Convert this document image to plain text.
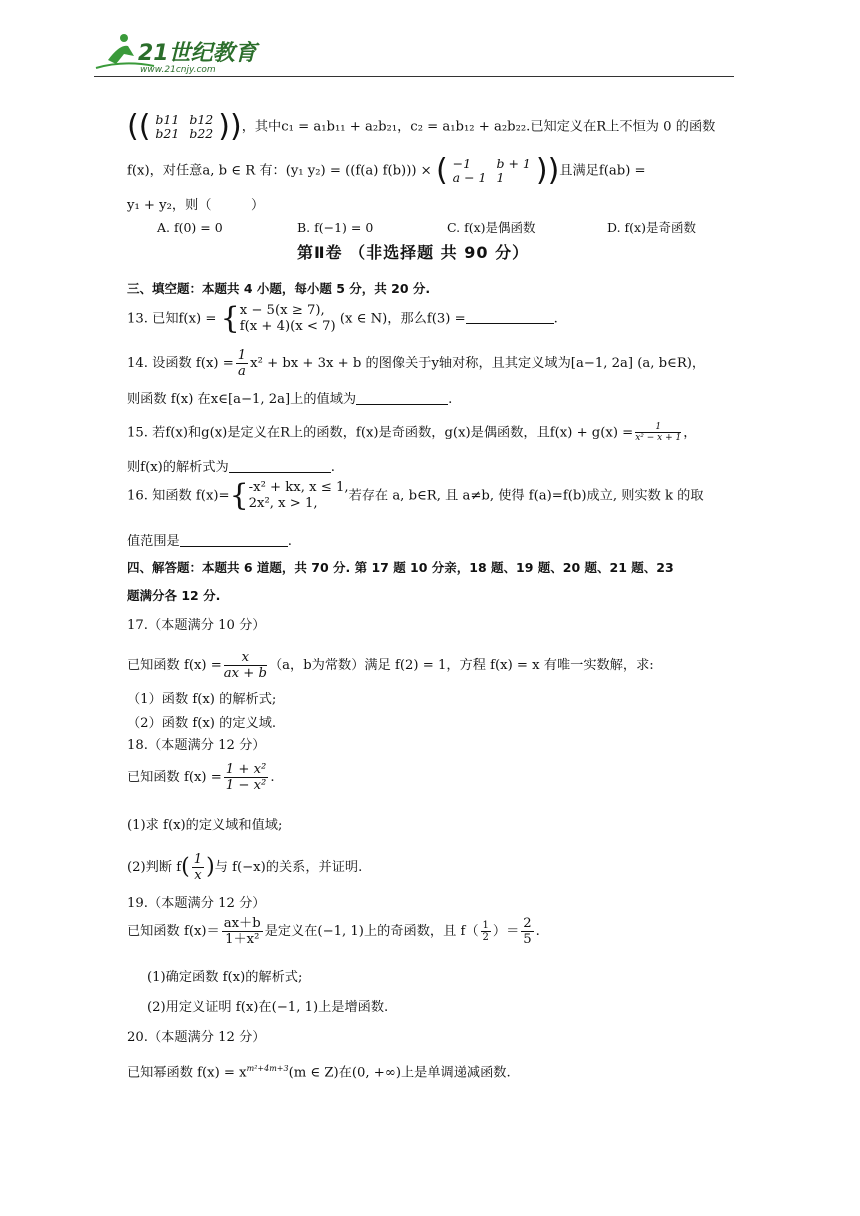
21世纪教育
www.21cnjy.com
(( b11	b12
b21	b22 ))，其中c₁ = a₁b₁₁ + a₂b₂₁，c₂ = a₁b₁₂ + a₂b₂₂.已知定义在R上不恒为 0 的函数
f(x)，对任意a, b ∈ R 有：(y₁ y₂) = ((f(a) f(b))) × ( −1	b + 1
a − 1	1 ))且满足f(ab) =
y₁ + y₂，则（　　　）
A. f(0) = 0	B. f(−1) = 0	C. f(x)是偶函数	D. f(x)是奇函数
第Ⅱ卷 （非选择题 共 90 分）
三、填空题：本题共 4 小题，每小题 5 分，共 20 分.
13. 已知f(x) = { x − 5(x ≥ 7),
f(x + 4)(x < 7) (x ∈ N)，那么f(3) =	.
14. 设函数 $f(x) = \frac{1}{a} x^2$ + bx + 3x + b 的图像关于y轴对称，且其定义域为[a−1, 2a] (a, b∈R)，
则函数 f(x) 在x∈[a−1, 2a]上的值域为	.
15. 若f(x)和g(x)是定义在R上的函数，f(x)是奇函数，g(x)是偶函数，且$f(x) + g(x) = \frac{1}{\text{x² − x + 1}}$ ，
则f(x)的解析式为	.
16. 知函数 f(x)={ -x² + kx, x ≤ 1,
2x², x > 1,	若存在 a, b∈R, 且 a≠b, 使得 f(a)=f(b)成立, 则实数 k 的取
值范围是	.
四、解答题：本题共 6 道题，共 70 分. 第 17 题 10 分亲，18 题、19 题、20 题、21 题、23
题满分各 12 分.
17.（本题满分 10 分）
已知函数 $f(x) = \frac{x}{ax + b} (a$，b为常数）满足 f(2) = 1，方程 f(x) = x 有唯一实数解，求:
（1）函数 f(x) 的解析式;
（2）函数 f(x) 的定义域.
18.（本题满分 12 分）
已知函数 $f(x) = \frac{\text{1 + x²}}{\text{1 − x²}}$ .
(1)求 f(x)的定义域和值域;
(2)判断 $f( \frac{1}{x}$ )与 f(−x)的关系，并证明.
19.（本题满分 12 分）
已知函数 $f(x)= \frac{ax+b}{\text{1＋x²}}$ 是定义在(−1, 1)上的奇函数，且 $f( \frac{1}{2}$ ）＝ $\frac{2}{5}$ .
(1)确定函数 f(x)的解析式;
(2)用定义证明 f(x)在(−1, 1)上是增函数.
20.（本题满分 12 分）
已知幂函数 $f(x) = x^{m^2+4m+3}(m$ ∈ Z)在(0, +∞)上是单调递减函数.
